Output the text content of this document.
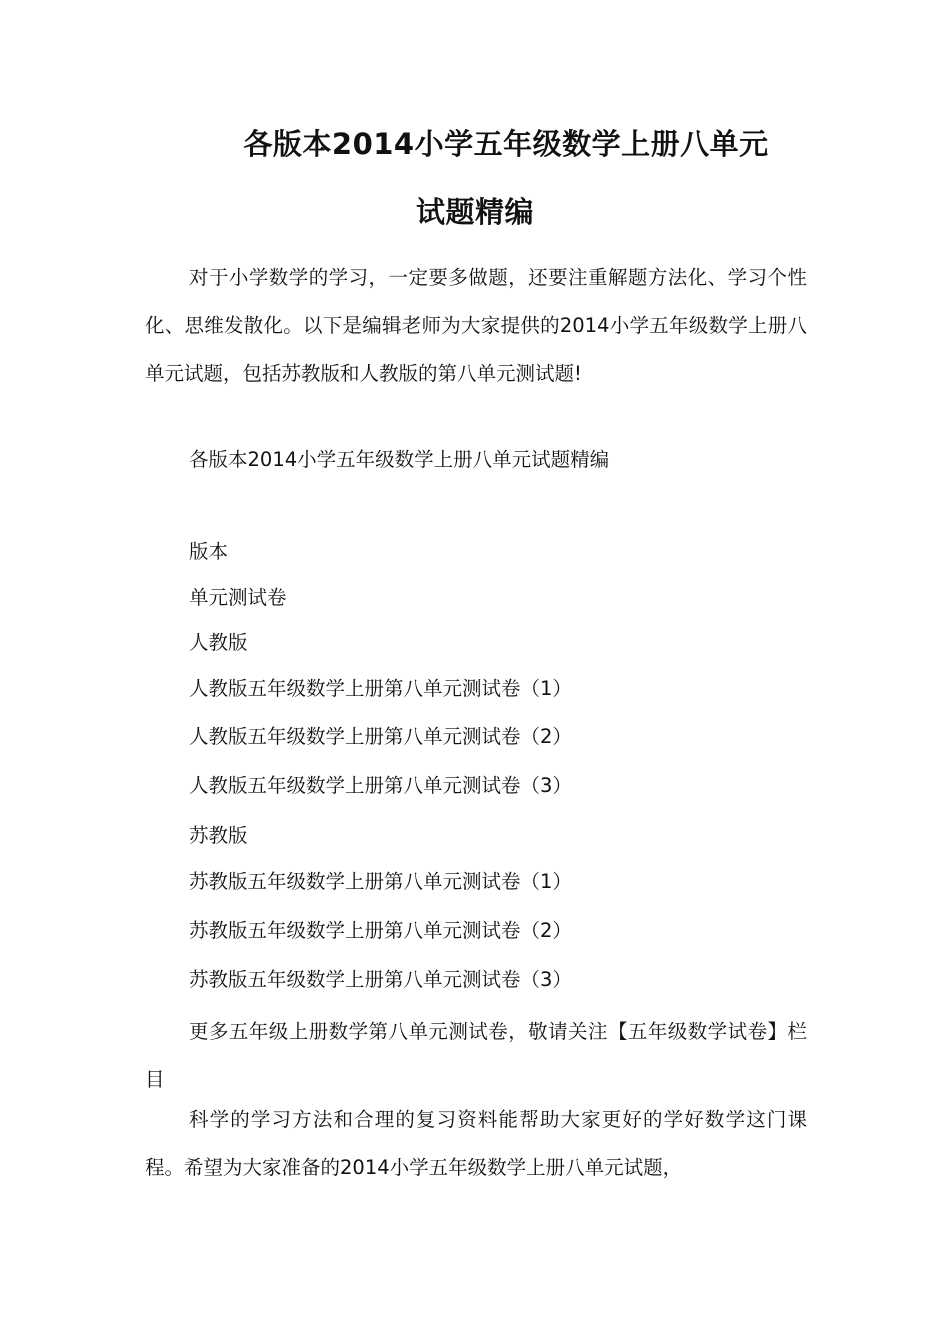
各版本2014小学五年级数学上册八单元
试题精编

对于小学数学的学习，一定要多做题，还要注重解题方法化、学习个性化、思维发散化。以下是编辑老师为大家提供的2014小学五年级数学上册八单元试题，包括苏教版和人教版的第八单元测试题!

各版本2014小学五年级数学上册八单元试题精编

版本

单元测试卷

人教版

人教版五年级数学上册第八单元测试卷（1）

人教版五年级数学上册第八单元测试卷（2）

人教版五年级数学上册第八单元测试卷（3）

苏教版

苏教版五年级数学上册第八单元测试卷（1）

苏教版五年级数学上册第八单元测试卷（2）

苏教版五年级数学上册第八单元测试卷（3）

更多五年级上册数学第八单元测试卷，敬请关注【五年级数学试卷】栏目

科学的学习方法和合理的复习资料能帮助大家更好的学好数学这门课程。希望为大家准备的2014小学五年级数学上册八单元试题，
